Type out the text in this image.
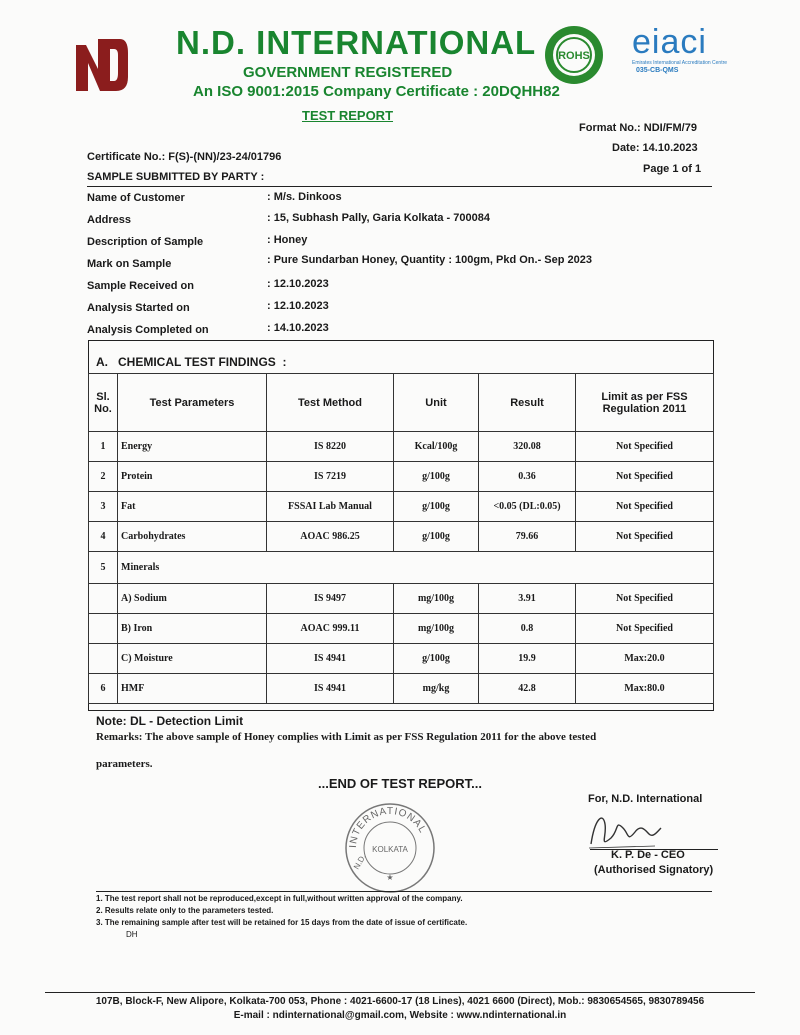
N.D. INTERNATIONAL
GOVERNMENT REGISTERED
An ISO 9001:2015 Company Certificate : 20DQHH82
TEST REPORT
ROHS eiaci
Emirates International Accreditation Centre
035-CB-QMS
Format No.: NDI/FM/79
Certificate No.: F(S)-(NN)/23-24/01796
Date: 14.10.2023
Page 1 of 1
SAMPLE SUBMITTED BY PARTY :
Name of Customer	: M/s. Dinkoos
Address	: 15, Subhash Pally, Garia Kolkata - 700084
Description of Sample	: Honey
Mark on Sample	: Pure Sundarban Honey, Quantity : 100gm, Pkd On.- Sep 2023
Sample Received on	: 12.10.2023
Analysis Started on	: 12.10.2023
Analysis Completed on	: 14.10.2023
A.   CHEMICAL TEST FINDINGS  :
Sl. No.	Test Parameters	Test Method	Unit	Result	Limit as per FSS Regulation 2011
1	Energy	IS 8220	Kcal/100g	320.08	Not Specified
2	Protein	IS 7219	g/100g	0.36	Not Specified
3	Fat	FSSAI Lab Manual	g/100g	<0.05 (DL:0.05)	Not Specified
4	Carbohydrates	AOAC 986.25	g/100g	79.66	Not Specified
5	Minerals				
	A) Sodium	IS 9497	mg/100g	3.91	Not Specified
	B) Iron	AOAC 999.11	mg/100g	0.8	Not Specified
	C) Moisture	IS 4941	g/100g	19.9	Max:20.0
6	HMF	IS 4941	mg/kg	42.8	Max:80.0
Note: DL - Detection Limit
Remarks: The above sample of Honey complies with Limit as per FSS Regulation 2011 for the above tested
parameters.
...END OF TEST REPORT...
INTERNATIONAL
KOLKATA
N.D.
★
For, N.D. International
K. P. De - CEO
(Authorised Signatory)
1. The test report shall not be reproduced,except in full,without written approval of the company.
2. Results relate only to the parameters tested.
3. The remaining sample after test will be retained for 15 days from the date of issue of certificate.
DH
107B, Block-F, New Alipore, Kolkata-700 053, Phone : 4021-6600-17 (18 Lines), 4021 6600 (Direct), Mob.: 9830654565, 9830789456
E-mail : ndinternational@gmail.com, Website : www.ndinternational.in
